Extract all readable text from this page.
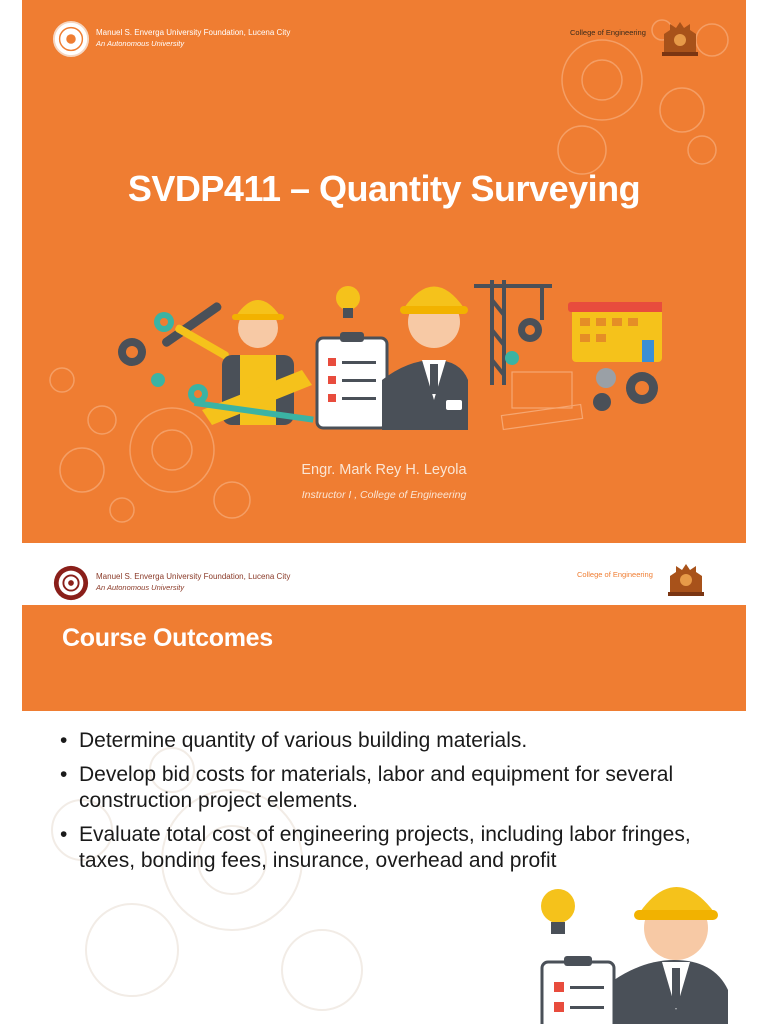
Manuel S. Enverga University Foundation, Lucena City
An Autonomous University
College of Engineering
SVDP411 – Quantity Surveying
Engr. Mark Rey H. Leyola
Instructor I , College of Engineering
Manuel S. Enverga University Foundation, Lucena City
An Autonomous University
College of Engineering
Course Outcomes
• Determine quantity of various building materials.
• Develop bid costs for materials, labor and equipment for several construction project elements.
• Evaluate total cost of engineering projects, including labor fringes, taxes, bonding fees, insurance, overhead and profit
